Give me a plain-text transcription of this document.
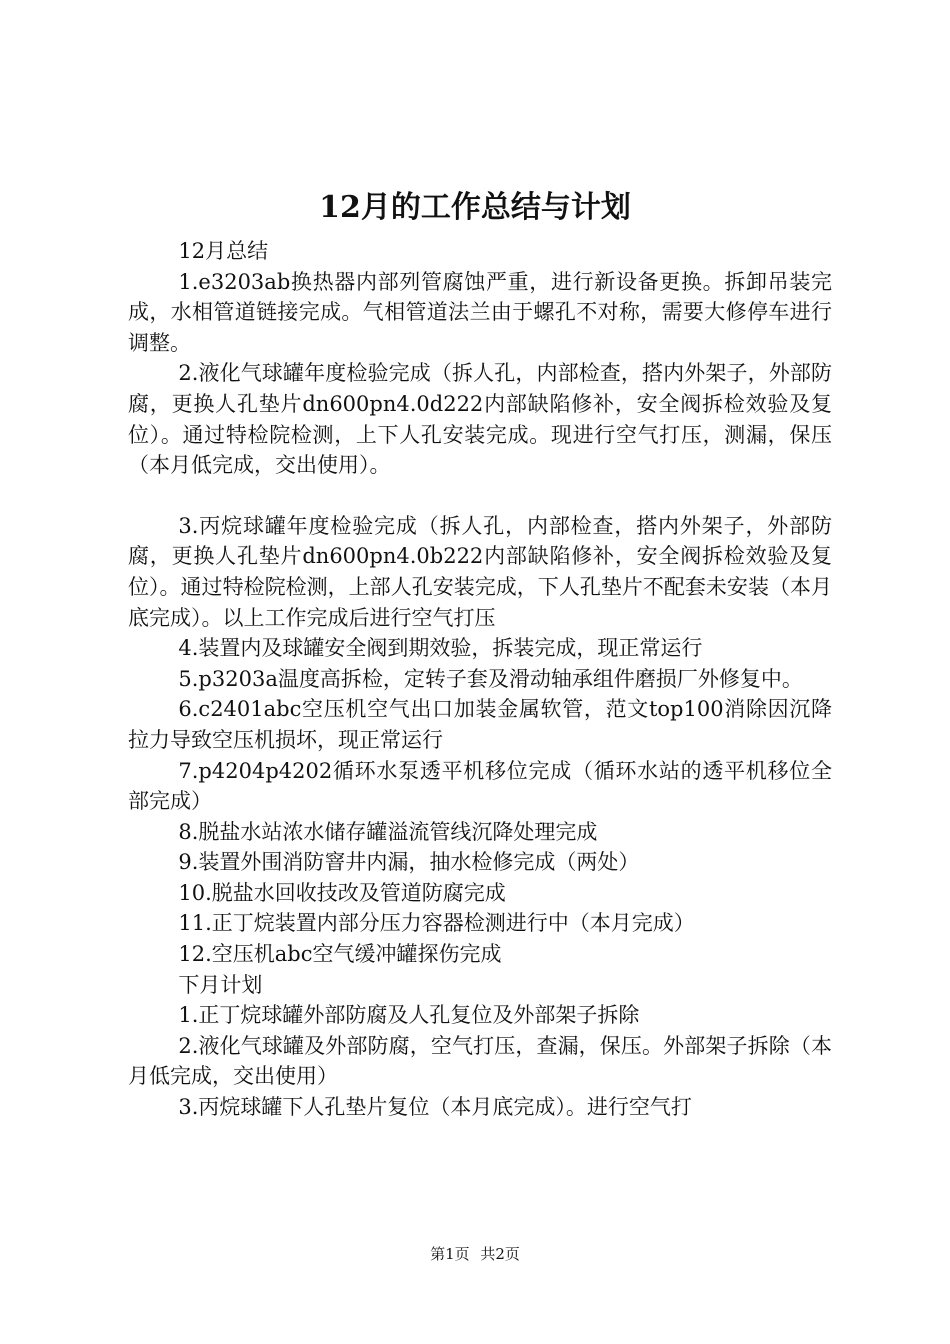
12月的工作总结与计划

12月总结

1.e3203ab换热器内部列管腐蚀严重，进行新设备更换。拆卸吊装完成，水相管道链接完成。气相管道法兰由于螺孔不对称，需要大修停车进行调整。

2.液化气球罐年度检验完成（拆人孔，内部检查，搭内外架子，外部防腐，更换人孔垫片dn600pn4.0d222内部缺陷修补，安全阀拆检效验及复位）。通过特检院检测，上下人孔安装完成。现进行空气打压，测漏，保压（本月低完成，交出使用）。

3.丙烷球罐年度检验完成（拆人孔，内部检查，搭内外架子，外部防腐，更换人孔垫片dn600pn4.0b222内部缺陷修补，安全阀拆检效验及复位）。通过特检院检测，上部人孔安装完成，下人孔垫片不配套未安装（本月底完成）。以上工作完成后进行空气打压

4.装置内及球罐安全阀到期效验，拆装完成，现正常运行

5.p3203a温度高拆检，定转子套及滑动轴承组件磨损厂外修复中。

6.c2401abc空压机空气出口加装金属软管，范文top100消除因沉降拉力导致空压机损坏，现正常运行

7.p4204p4202循环水泵透平机移位完成（循环水站的透平机移位全部完成）

8.脱盐水站浓水储存罐溢流管线沉降处理完成

9.装置外围消防窨井内漏，抽水检修完成（两处）

10.脱盐水回收技改及管道防腐完成

11.正丁烷装置内部分压力容器检测进行中（本月完成）

12.空压机abc空气缓冲罐探伤完成

下月计划

1.正丁烷球罐外部防腐及人孔复位及外部架子拆除

2.液化气球罐及外部防腐，空气打压，查漏，保压。外部架子拆除（本月低完成，交出使用）

3.丙烷球罐下人孔垫片复位（本月底完成）。进行空气打

第1页 共2页
